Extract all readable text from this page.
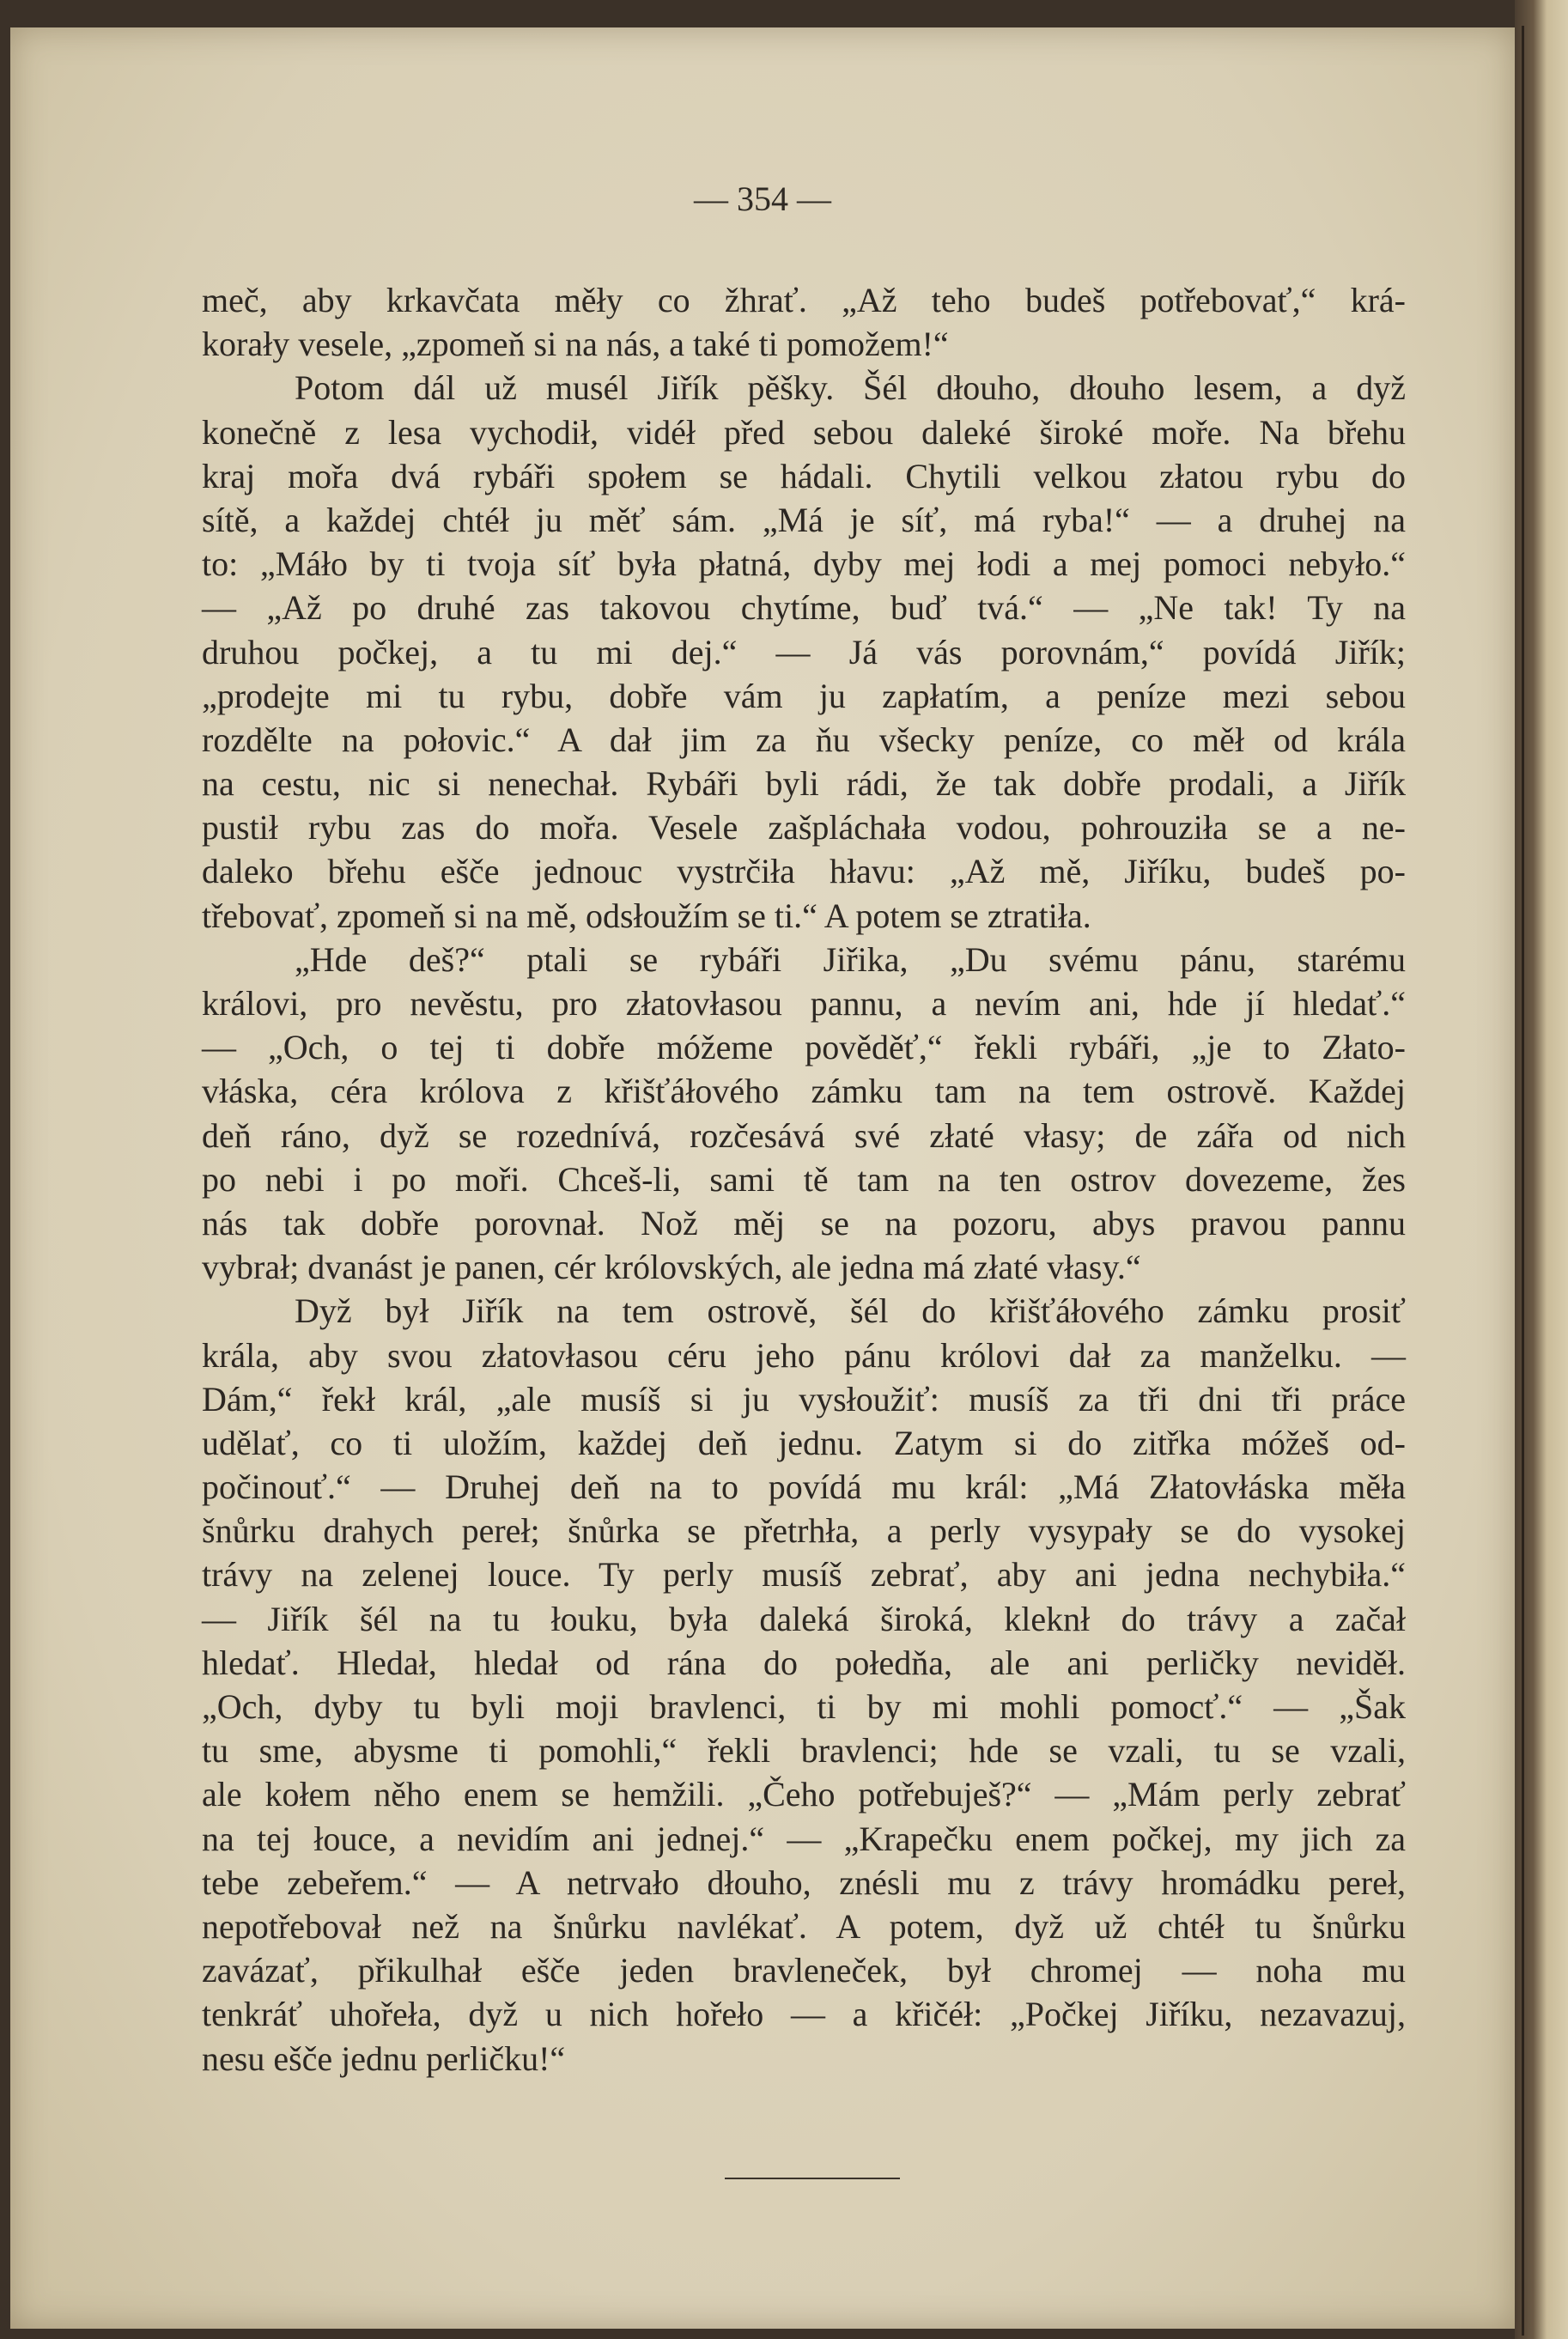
— 354 —
meč, aby krkavčata měły co žhrať. „Až teho budeš potřebovať,“ krá-
korały vesele, „zpomeň si na nás, a také ti pomožem!“
Potom dál už musél Jiřík pěšky. Šél dłouho, dłouho lesem, a dyž
konečně z lesa vychodił, vidéł před sebou daleké široké moře. Na břehu
kraj mořa dvá rybáři społem se hádali. Chytili velkou złatou rybu do
sítě, a každej chtéł ju měť sám. „Má je síť, má ryba!“ — a druhej na
to: „Máło by ti tvoja síť była płatná, dyby mej łodi a mej pomoci nebyło.“
— „Až po druhé zas takovou chytíme, buď tvá.“ — „Ne tak! Ty na
druhou počkej, a tu mi dej.“ — Já vás porovnám,“ povídá Jiřík;
„prodejte mi tu rybu, dobře vám ju zapłatím, a peníze mezi sebou
rozdělte na połovic.“ A dał jim za ňu všecky peníze, co měł od krála
na cestu, nic si nenechał. Rybáři byli rádi, že tak dobře prodali, a Jiřík
pustił rybu zas do mořa. Vesele zašpláchała vodou, pohrouziła se a ne-
daleko břehu ešče jednouc vystrčiła hłavu: „Až mě, Jiříku, budeš po-
třebovať, zpomeň si na mě, odsłoužím se ti.“ A potem se ztratiła.
„Hde deš?“ ptali se rybáři Jiřika, „Du svému pánu, starému
královi, pro nevěstu, pro złatovłasou pannu, a nevím ani, hde jí hledať.“
— „Och, o tej ti dobře móžeme pověděť,“ řekli rybáři, „je to Złato-
vłáska, céra królova z křišťáłového zámku tam na tem ostrově. Každej
deň ráno, dyž se rozednívá, rozčesává své złaté vłasy; de zářa od nich
po nebi i po moři. Chceš-li, sami tě tam na ten ostrov dovezeme, žes
nás tak dobře porovnał. Nož měj se na pozoru, abys pravou pannu
vybrał; dvanást je panen, cér królovských, ale jedna má złaté vłasy.“
Dyž był Jiřík na tem ostrově, šél do křišťáłového zámku prosiť
krála, aby svou złatovłasou céru jeho pánu królovi dał za manželku. —
Dám,“ řekł král, „ale musíš si ju vysłoužiť: musíš za tři dni tři práce
udělať, co ti uložím, každej deň jednu. Zatym si do zitřka móžeš od-
počinouť.“ — Druhej deň na to povídá mu král: „Má Złatovłáska měła
šnůrku drahych pereł; šnůrka se přetrhła, a perly vysypały se do vysokej
trávy na zelenej louce. Ty perly musíš zebrať, aby ani jedna nechybiła.“
— Jiřík šél na tu łouku, była daleká široká, kleknł do trávy a začał
hledať. Hledał, hledał od rána do połedňa, ale ani perličky neviděł.
„Och, dyby tu byli moji bravlenci, ti by mi mohli pomocť.“ — „Šak
tu sme, abysme ti pomohli,“ řekli bravlenci; hde se vzali, tu se vzali,
ale kołem něho enem se hemžili. „Čeho potřebuješ?“ — „Mám perly zebrať
na tej łouce, a nevidím ani jednej.“ — „Krapečku enem počkej, my jich za
tebe zebeřem.“ — A netrvało dłouho, znésli mu z trávy hromádku pereł,
nepotřebovał než na šnůrku navlékať. A potem, dyž už chtéł tu šnůrku
zavázať, přikulhał ešče jeden bravleneček, był chromej — noha mu
tenkráť uhořeła, dyž u nich hořeło — a křičéł: „Počkej Jiříku, nezavazuj,
nesu ešče jednu perličku!“
